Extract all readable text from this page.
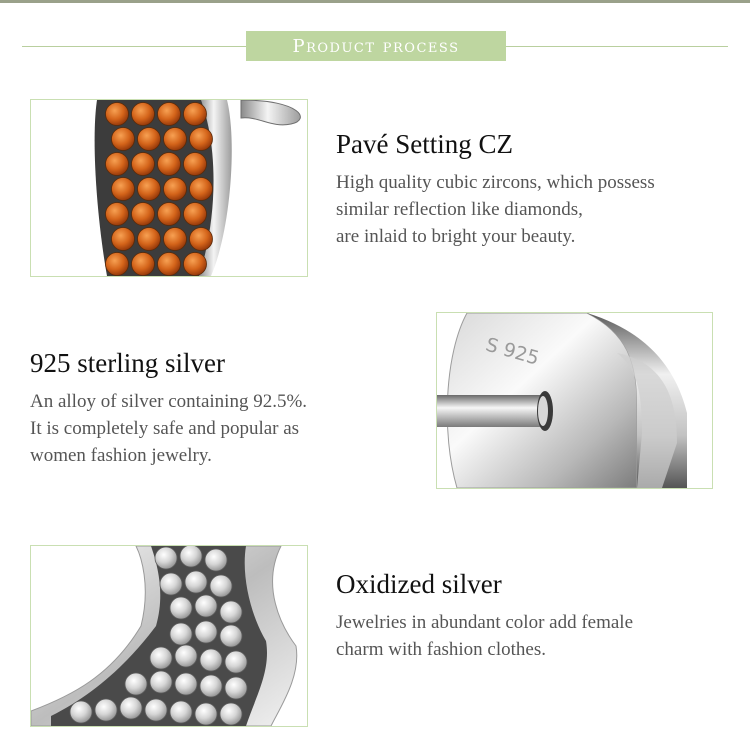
Product process
Pavé Setting CZ

High quality cubic zircons, which possess
similar reflection like diamonds,
are inlaid to bright your beauty.

925 sterling silver

An alloy of silver containing 92.5%.
It is completely safe and popular as
women fashion jewelry.

S 925
Oxidized silver

Jewelries in abundant color add female
charm with fashion clothes.
